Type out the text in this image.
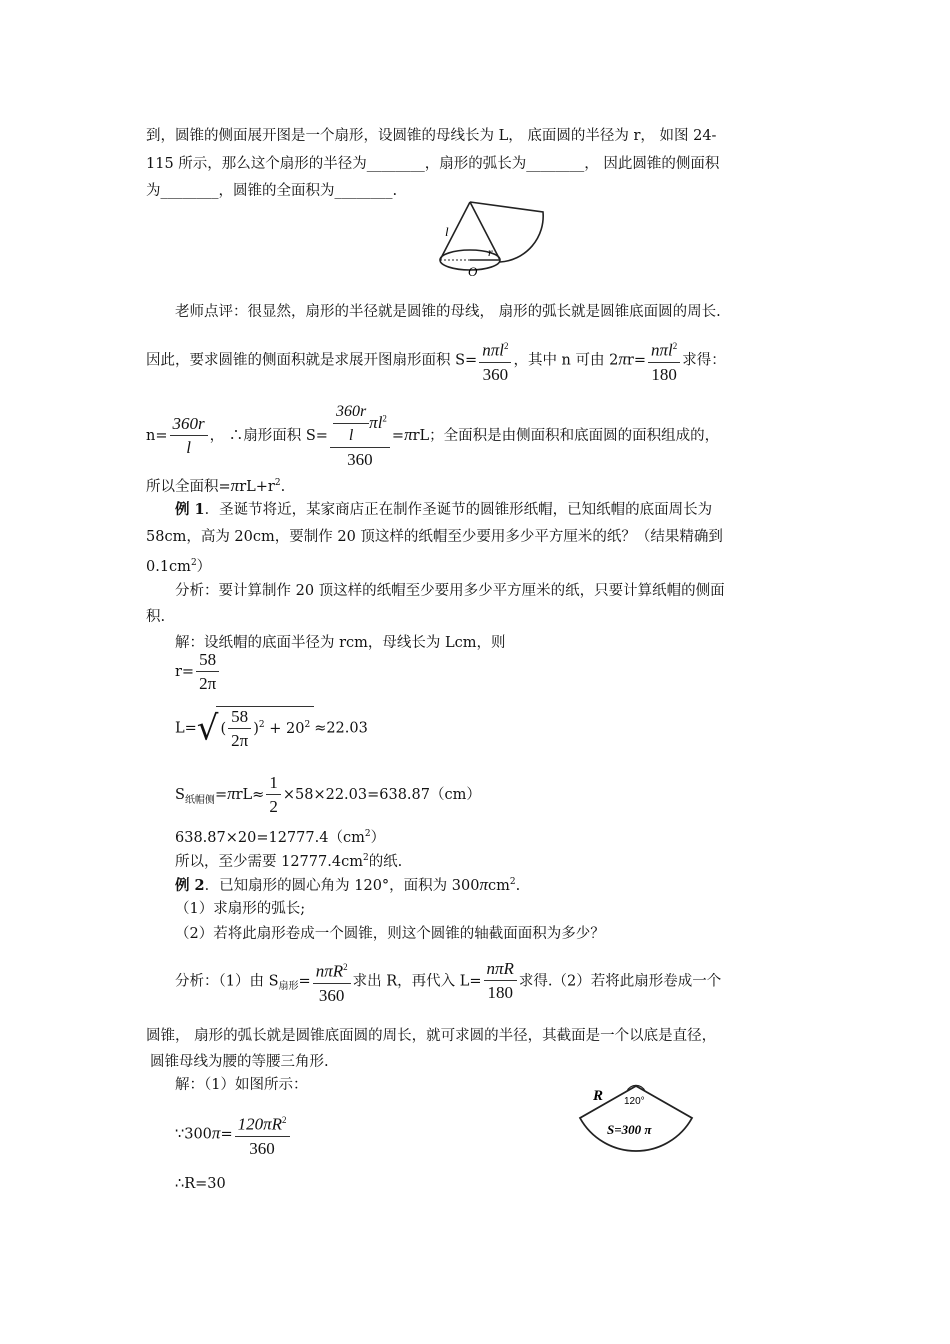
到，圆锥的侧面展开图是一个扇形，设圆锥的母线长为 L， 底面圆的半径为 r， 如图 24-
115 所示，那么这个扇形的半径为________，扇形的弧长为________， 因此圆锥的侧面积
为________，圆锥的全面积为________.
l
r
O
老师点评：很显然，扇形的半径就是圆锥的母线， 扇形的弧长就是圆锥底面圆的周长.
因此，要求圆锥的侧面积就是求展开图扇形面积 $S= \frac{n\pi l^2}{360}$ ，其中 n 可由 $2\pi r= \frac{n\pi l^2}{180}$ 求得：
$n= \frac{360r}{l}$ ， ∴扇形面积 $S= \frac{\frac{360r}{l} \pi l^2}{360} =\pi rL$；全面积是由侧面积和底面圆的面积组成的，
所以全面积$=\pi rL+r^2$.
例 1．圣诞节将近，某家商店正在制作圣诞节的圆锥形纸帽，已知纸帽的底面周长为
58cm，高为 20cm，要制作 20 顶这样的纸帽至少要用多少平方厘米的纸？（结果精确到
$0.1cm^2$）
分析：要计算制作 20 顶这样的纸帽至少要用多少平方厘米的纸，只要计算纸帽的侧面
积.
解：设纸帽的底面半径为 rcm，母线长为 Lcm，则
$r= \frac{58}{2\pi}$
L=√ ( $\frac{58}{2\pi} )^2 + 20^2 \approx 22.03$
$S_{纸帽侧}=\pi rL\approx \frac{1}{2} \times 58\times 22.03=638.87(cm)$
$638.87\times 20=12777.4(cm^2)$
所以，至少需要 $12777.4cm^2$的纸.
例 2．已知扇形的圆心角为 120°，面积为 300πcm$^2$.
（1）求扇形的弧长;
（2）若将此扇形卷成一个圆锥，则这个圆锥的轴截面面积为多少？
分析：（1）由 $S_{扇形}= \frac{n\pi R^2}{360}$ 求出 R，再代入 $L= \frac{\text{nπR}}{180}$ 求得.（2）若将此扇形卷成一个
圆锥， 扇形的弧长就是圆锥底面圆的周长，就可求圆的半径，其截面是一个以底是直径，
圆锥母线为腰的等腰三角形.
解：（1）如图所示：
∵300π= $\frac{120\pi R^2}{360}$
∴R=30
R 120°
S=300 π
